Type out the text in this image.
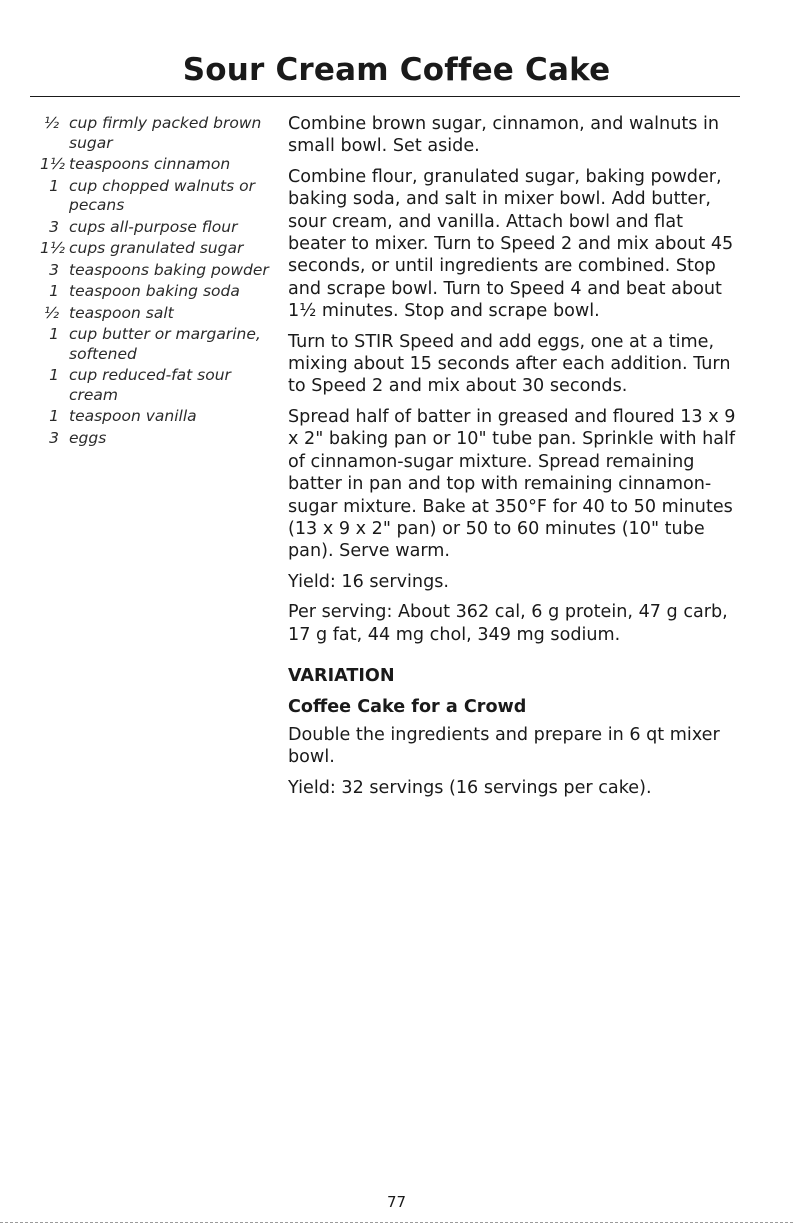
Sour Cream Coffee Cake
½ cup firmly packed brown sugar
1½ teaspoons cinnamon
1 cup chopped walnuts or pecans
3 cups all-purpose flour
1½ cups granulated sugar
3 teaspoons baking powder
1 teaspoon baking soda
½ teaspoon salt
1 cup butter or margarine, softened
1 cup reduced-fat sour cream
1 teaspoon vanilla
3 eggs

Combine brown sugar, cinnamon, and walnuts in small bowl. Set aside.

Combine flour, granulated sugar, baking powder, baking soda, and salt in mixer bowl. Add butter, sour cream, and vanilla. Attach bowl and flat beater to mixer. Turn to Speed 2 and mix about 45 seconds, or until ingredients are combined. Stop and scrape bowl. Turn to Speed 4 and beat about 1½ minutes. Stop and scrape bowl.

Turn to STIR Speed and add eggs, one at a time, mixing about 15 seconds after each addition. Turn to Speed 2 and mix about 30 seconds.

Spread half of batter in greased and floured 13 x 9 x 2" baking pan or 10" tube pan. Sprinkle with half of cinnamon-sugar mixture. Spread remaining batter in pan and top with remaining cinnamon-sugar mixture. Bake at 350°F for 40 to 50 minutes (13 x 9 x 2" pan) or 50 to 60 minutes (10" tube pan). Serve warm.

Yield: 16 servings.

Per serving: About 362 cal, 6 g protein, 47 g carb, 17 g fat, 44 mg chol, 349 mg sodium.

VARIATION
Coffee Cake for a Crowd

Double the ingredients and prepare in 6 qt mixer bowl.

Yield: 32 servings (16 servings per cake).

77
